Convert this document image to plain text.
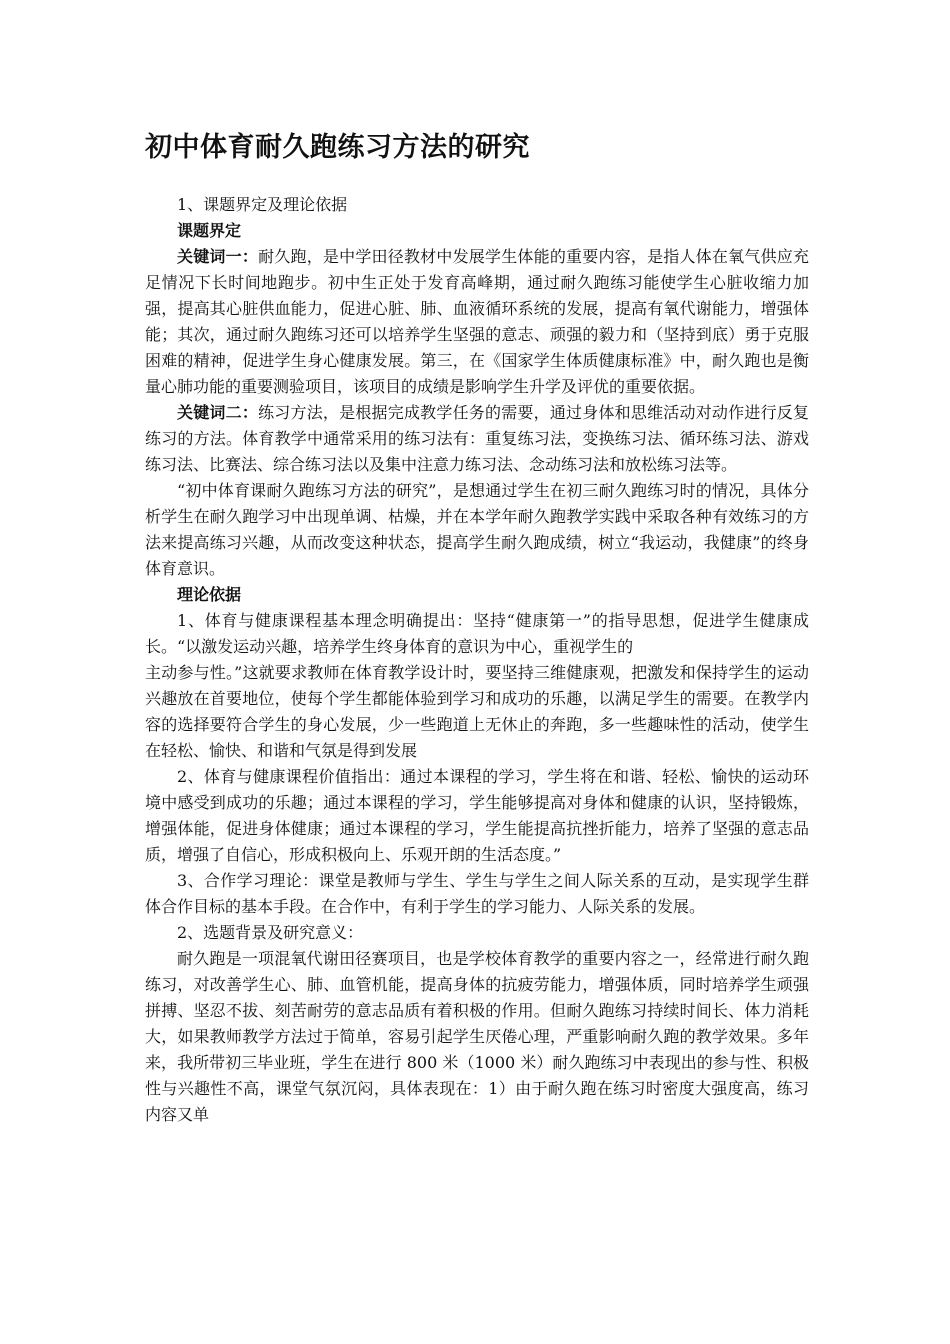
初中体育耐久跑练习方法的研究

1、课题界定及理论依据

课题界定

关键词一：耐久跑，是中学田径教材中发展学生体能的重要内容，是指人体在氧气供应充足情况下长时间地跑步。初中生正处于发育高峰期，通过耐久跑练习能使学生心脏收缩力加强，提高其心脏供血能力，促进心脏、肺、血液循环系统的发展，提高有氧代谢能力，增强体能；其次，通过耐久跑练习还可以培养学生坚强的意志、顽强的毅力和（坚持到底）勇于克服困难的精神，促进学生身心健康发展。第三，在《国家学生体质健康标准》中，耐久跑也是衡量心肺功能的重要测验项目，该项目的成绩是影响学生升学及评优的重要依据。

关键词二：练习方法，是根据完成教学任务的需要，通过身体和思维活动对动作进行反复练习的方法。体育教学中通常采用的练习法有：重复练习法，变换练习法、循环练习法、游戏练习法、比赛法、综合练习法以及集中注意力练习法、念动练习法和放松练习法等。

“初中体育课耐久跑练习方法的研究”，是想通过学生在初三耐久跑练习时的情况，具体分析学生在耐久跑学习中出现单调、枯燥，并在本学年耐久跑教学实践中采取各种有效练习的方法来提高练习兴趣，从而改变这种状态，提高学生耐久跑成绩，树立“我运动，我健康”的终身体育意识。

理论依据

1、体育与健康课程基本理念明确提出：坚持“健康第一”的指导思想，促进学生健康成长。“以激发运动兴趣，培养学生终身体育的意识为中心，重视学生的

主动参与性。”这就要求教师在体育教学设计时，要坚持三维健康观，把激发和保持学生的运动兴趣放在首要地位，使每个学生都能体验到学习和成功的乐趣，以满足学生的需要。在教学内容的选择要符合学生的身心发展，少一些跑道上无休止的奔跑，多一些趣味性的活动，使学生在轻松、愉快、和谐和气氛是得到发展

2、体育与健康课程价值指出：通过本课程的学习，学生将在和谐、轻松、愉快的运动环境中感受到成功的乐趣；通过本课程的学习，学生能够提高对身体和健康的认识，坚持锻炼，增强体能，促进身体健康；通过本课程的学习，学生能提高抗挫折能力，培养了坚强的意志品质，增强了自信心，形成积极向上、乐观开朗的生活态度。”

3、合作学习理论：课堂是教师与学生、学生与学生之间人际关系的互动，是实现学生群体合作目标的基本手段。在合作中，有利于学生的学习能力、人际关系的发展。

2、选题背景及研究意义：

耐久跑是一项混氧代谢田径赛项目，也是学校体育教学的重要内容之一，经常进行耐久跑练习，对改善学生心、肺、血管机能，提高身体的抗疲劳能力，增强体质，同时培养学生顽强拼搏、坚忍不拔、刻苦耐劳的意志品质有着积极的作用。但耐久跑练习持续时间长、体力消耗大，如果教师教学方法过于简单，容易引起学生厌倦心理，严重影响耐久跑的教学效果。多年来，我所带初三毕业班，学生在进行 800 米（1000 米）耐久跑练习中表现出的参与性、积极性与兴趣性不高，课堂气氛沉闷，具体表现在：1）由于耐久跑在练习时密度大强度高，练习内容又单
